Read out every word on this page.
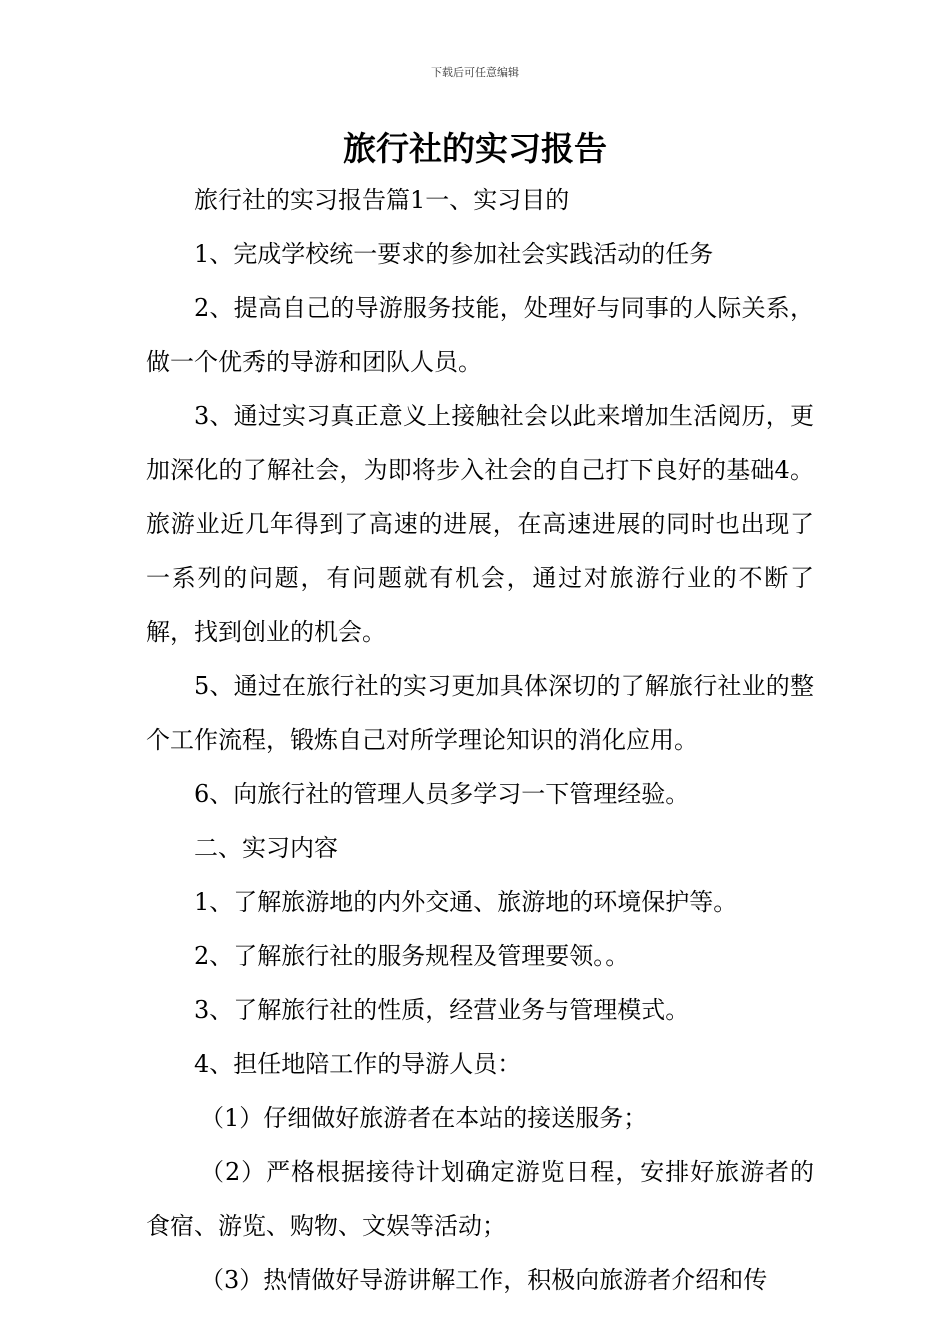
下载后可任意编辑
旅行社的实习报告

旅行社的实习报告篇1一、实习目的

1、完成学校统一要求的参加社会实践活动的任务

2、提高自己的导游服务技能，处理好与同事的人际关系，做一个优秀的导游和团队人员。

3、通过实习真正意义上接触社会以此来增加生活阅历，更加深化的了解社会，为即将步入社会的自己打下良好的基础4。旅游业近几年得到了高速的进展，在高速进展的同时也出现了一系列的问题，有问题就有机会，通过对旅游行业的不断了解，找到创业的机会。

5、通过在旅行社的实习更加具体深切的了解旅行社业的整个工作流程，锻炼自己对所学理论知识的消化应用。

6、向旅行社的管理人员多学习一下管理经验。

二、实习内容

1、了解旅游地的内外交通、旅游地的环境保护等。

2、了解旅行社的服务规程及管理要领。。

3、了解旅行社的性质，经营业务与管理模式。

4、担任地陪工作的导游人员：

（1）仔细做好旅游者在本站的接送服务；

（2）严格根据接待计划确定游览日程，安排好旅游者的食宿、游览、购物、文娱等活动；

（3）热情做好导游讲解工作，积极向旅游者介绍和传
